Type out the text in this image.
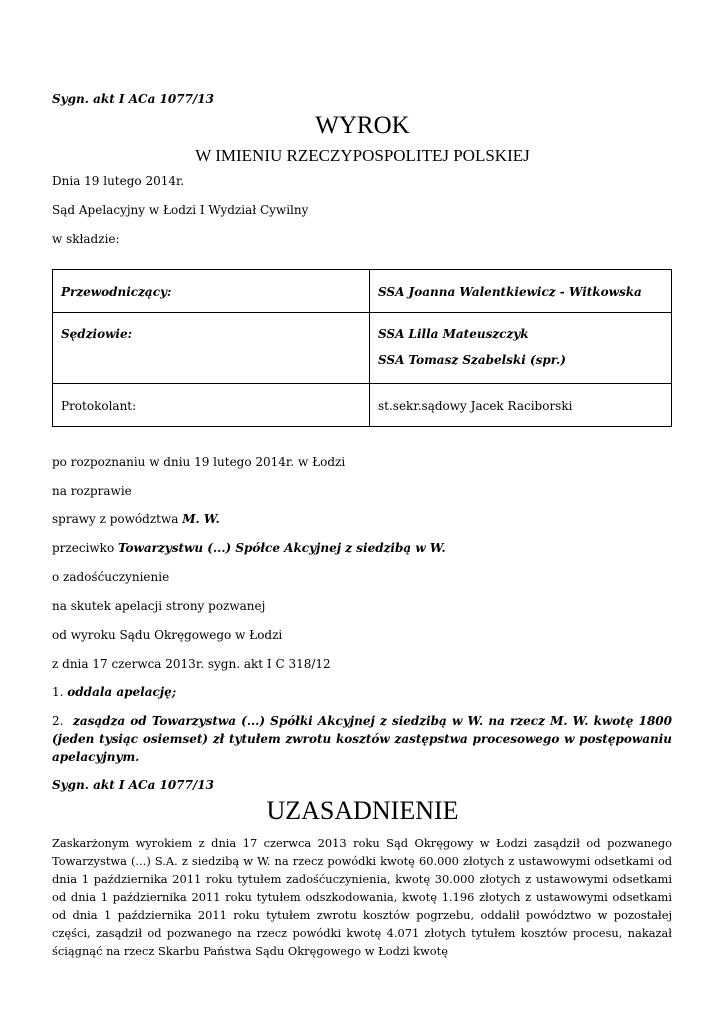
Sygn. akt I ACa 1077/13
WYROK
W IMIENIU RZECZYPOSPOLITEJ POLSKIEJ
Dnia 19 lutego 2014r.
Sąd Apelacyjny w Łodzi I Wydział Cywilny
w składzie:
Przewodniczący:	SSA Joanna Walentkiewicz - Witkowska

Sędziowie:	SSA Lilla Mateuszczyk
SSA Tomasz Szabelski (spr.)

Protokolant:	st.sekr.sądowy Jacek Raciborski
po rozpoznaniu w dniu 19 lutego 2014r. w Łodzi
na rozprawie
sprawy z powództwa M. W.
przeciwko Towarzystwu (...) Spółce Akcyjnej z siedzibą w W.
o zadośćuczynienie
na skutek apelacji strony pozwanej
od wyroku Sądu Okręgowego w Łodzi
z dnia 17 czerwca 2013r. sygn. akt I C 318/12
1. oddala apelację;
2. zasądza od Towarzystwa (...) Spółki Akcyjnej z siedzibą w W. na rzecz M. W. kwotę 1800 (jeden tysiąc osiemset) zł tytułem zwrotu kosztów zastępstwa procesowego w postępowaniu apelacyjnym.
Sygn. akt I ACa 1077/13
UZASADNIENIE
Zaskarżonym wyrokiem z dnia 17 czerwca 2013 roku Sąd Okręgowy w Łodzi zasądził od pozwanego Towarzystwa (...) S.A. z siedzibą w W. na rzecz powódki kwotę 60.000 złotych z ustawowymi odsetkami od dnia 1 października 2011 roku tytułem zadośćuczynienia, kwotę 30.000 złotych z ustawowymi odsetkami od dnia 1 października 2011 roku tytułem odszkodowania, kwotę 1.196 złotych z ustawowymi odsetkami od dnia 1 października 2011 roku tytułem zwrotu kosztów pogrzebu, oddalił powództwo w pozostałej części, zasądził od pozwanego na rzecz powódki kwotę 4.071 złotych tytułem kosztów procesu, nakazał ściągnąć na rzecz Skarbu Państwa Sądu Okręgowego w Łodzi kwotę
